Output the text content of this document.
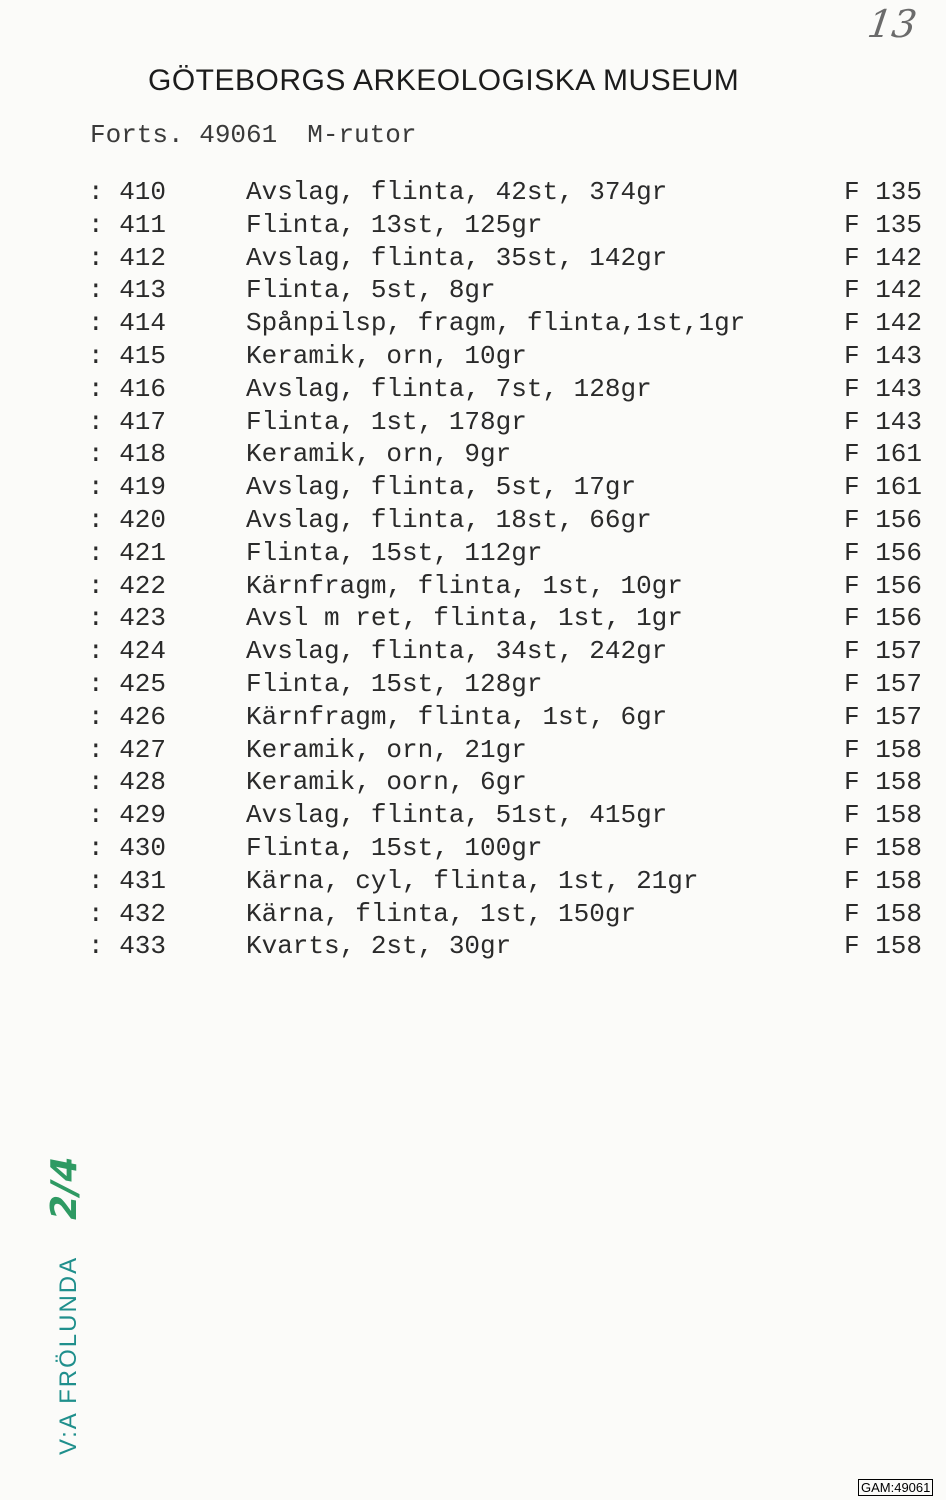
13
GÖTEBORGS ARKEOLOGISKA MUSEUM
Forts. 49061 M-rutor
: 410	Avslag, flinta, 42st, 374gr	F 135
: 411	Flinta, 13st, 125gr	F 135
: 412	Avslag, flinta, 35st, 142gr	F 142
: 413	Flinta, 5st, 8gr	F 142
: 414	Spånpilsp, fragm, flinta,1st,1gr	F 142
: 415	Keramik, orn, 10gr	F 143
: 416	Avslag, flinta, 7st, 128gr	F 143
: 417	Flinta, 1st, 178gr	F 143
: 418	Keramik, orn, 9gr	F 161
: 419	Avslag, flinta, 5st, 17gr	F 161
: 420	Avslag, flinta, 18st, 66gr	F 156
: 421	Flinta, 15st, 112gr	F 156
: 422	Kärnfragm, flinta, 1st, 10gr	F 156
: 423	Avsl m ret, flinta, 1st, 1gr	F 156
: 424	Avslag, flinta, 34st, 242gr	F 157
: 425	Flinta, 15st, 128gr	F 157
: 426	Kärnfragm, flinta, 1st, 6gr	F 157
: 427	Keramik, orn, 21gr	F 158
: 428	Keramik, oorn, 6gr	F 158
: 429	Avslag, flinta, 51st, 415gr	F 158
: 430	Flinta, 15st, 100gr	F 158
: 431	Kärna, cyl, flinta, 1st, 21gr	F 158
: 432	Kärna, flinta, 1st, 150gr	F 158
: 433	Kvarts, 2st, 30gr	F 158
V:A FRÖLUNDA
2/4
GAM:49061
